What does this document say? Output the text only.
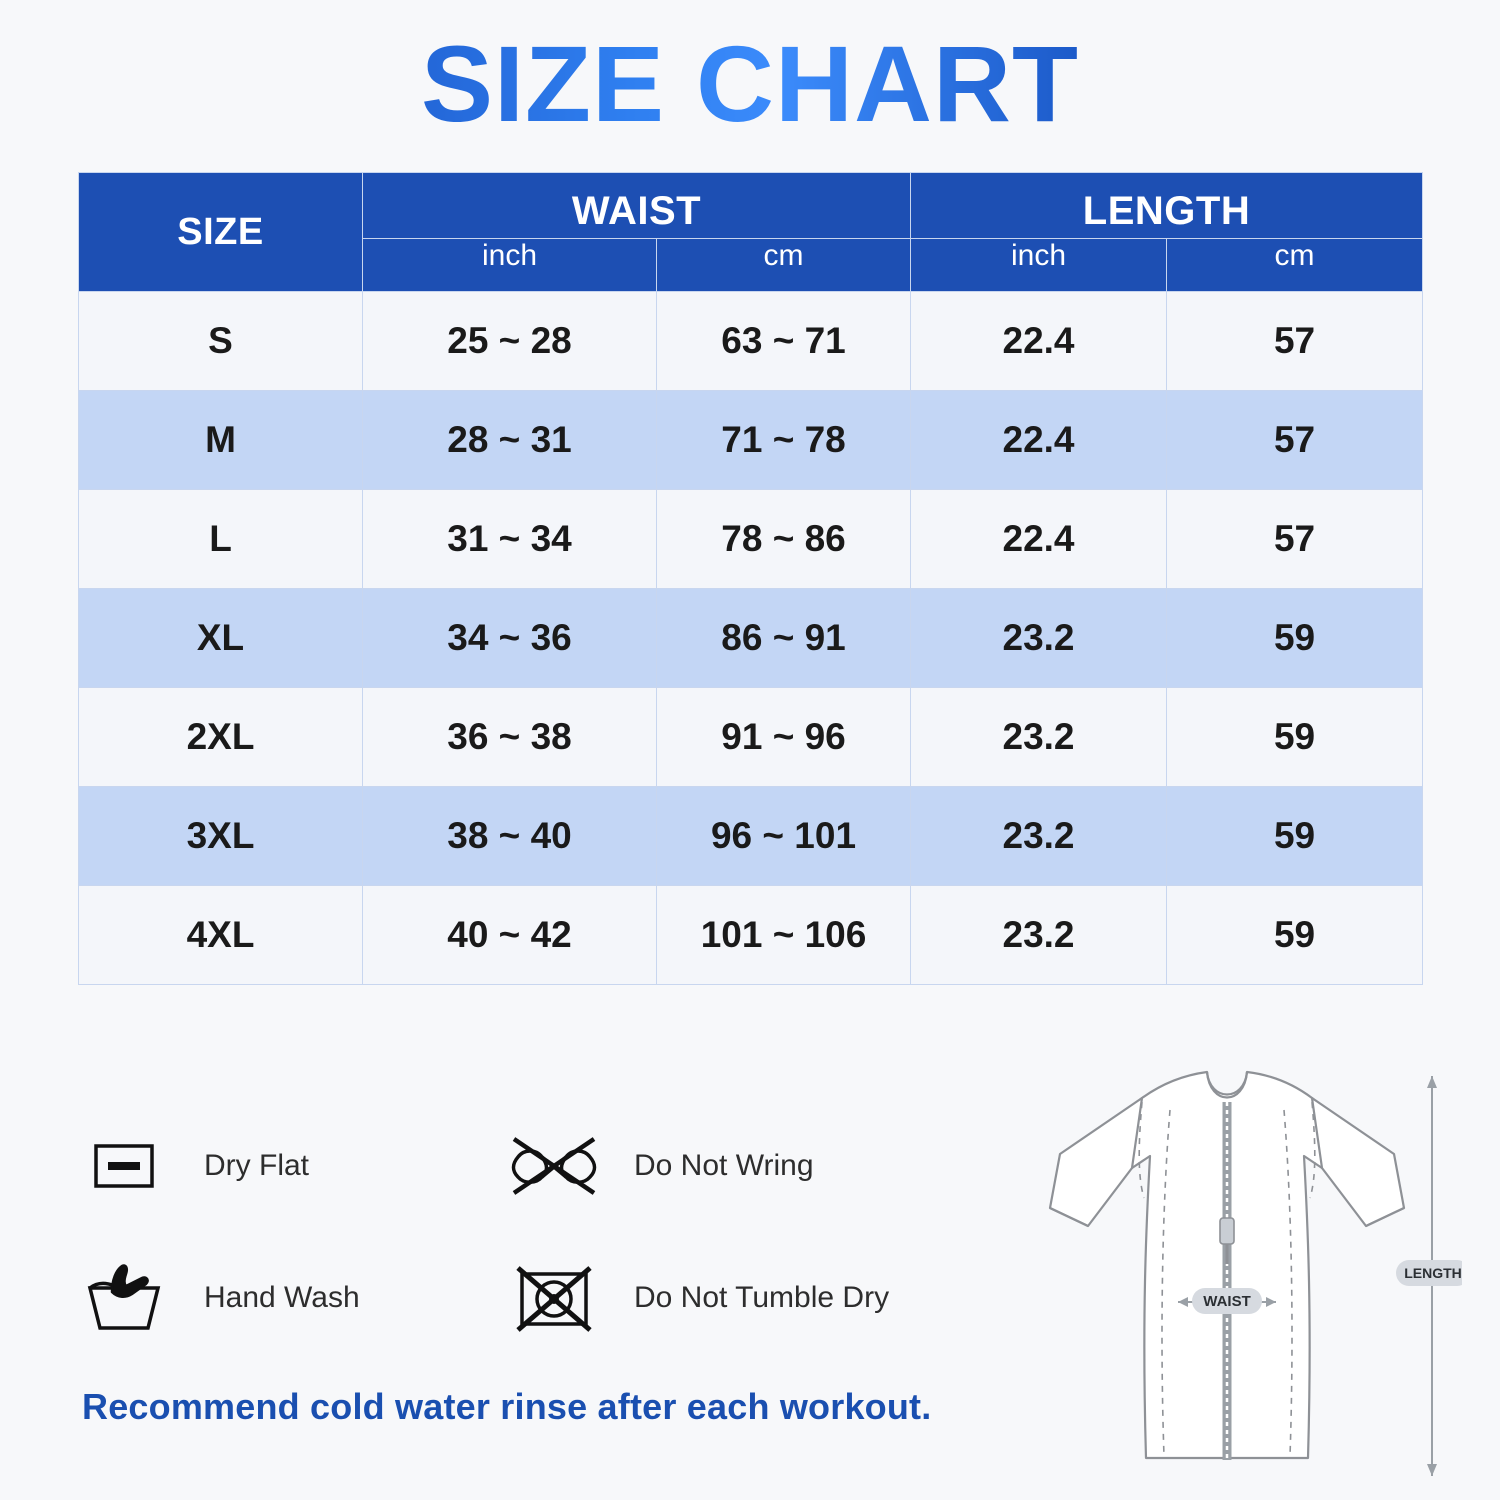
SIZE CHART
SIZE	WAIST		LENGTH	
	inch	cm	inch	cm
S	25 ~ 28	63 ~ 71	22.4	57
M	28 ~ 31	71 ~ 78	22.4	57
L	31 ~ 34	78 ~ 86	22.4	57
XL	34 ~ 36	86 ~ 91	23.2	59
2XL	36 ~ 38	91 ~ 96	23.2	59
3XL	38 ~ 40	96 ~ 101	23.2	59
4XL	40 ~ 42	101 ~ 106	23.2	59
Dry Flat	Do Not Wring
Hand Wash	Do Not Tumble Dry
Recommend cold water rinse after each workout.
WAIST
LENGTH
